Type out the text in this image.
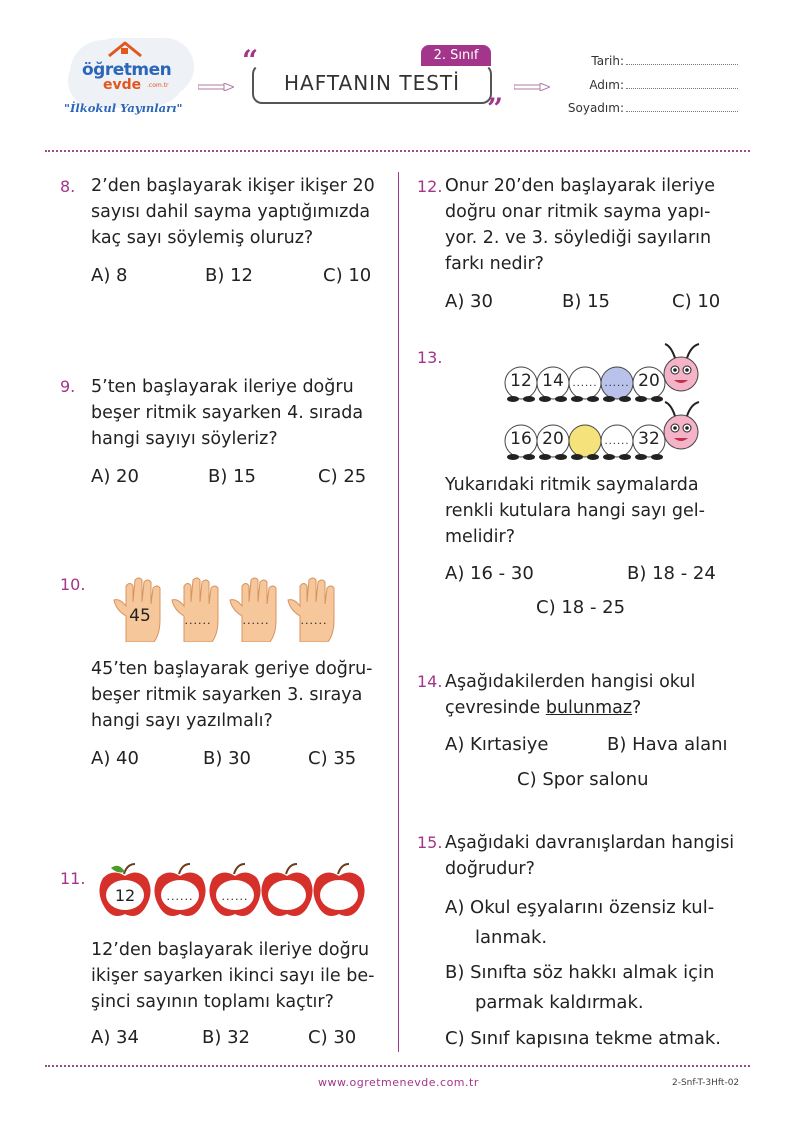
öğretmen
evde .com.tr
"İlkokul Yayınları"
2. Sınıf
HAFTANIN TESTİ
“
”
Tarih:
Adım:
Soyadım:
8. 2’den başlayarak ikişer ikişer 20
sayısı dahil sayma yaptığımızda
kaç sayı söylemiş oluruz?
A) 8	B) 12	C) 10
9. 5’ten başlayarak ileriye doğru
beşer ritmik sayarken 4. sırada
hangi sayıyı söyleriz?
A) 20	B) 15	C) 25
10.
45	......	......	......
45’ten başlayarak geriye doğru-
beşer ritmik sayarken 3. sıraya
hangi sayı yazılmalı?
A) 40	B) 30	C) 35
11.
12	......	......
12’den başlayarak ileriye doğru
ikişer sayarken ikinci sayı ile be-
şinci sayının toplamı kaçtır?
A) 34	B) 32	C) 30
12. Onur 20’den başlayarak ileriye
doğru onar ritmik sayma yapı-
yor. 2. ve 3. söylediği sayıların
farkı nedir?
A) 30	B) 15	C) 10
13.
12 14 ...... ...... 20
16 20	...... 32
Yukarıdaki ritmik saymalarda
renkli kutulara hangi sayı gel-
melidir?
A) 16 - 30	B) 18 - 24
C) 18 - 25
14. Aşağıdakilerden hangisi okul
çevresinde bulunmaz?
A) Kırtasiye	B) Hava alanı
C) Spor salonu
15. Aşağıdaki davranışlardan hangisi
doğrudur?
A) Okul eşyalarını özensiz kul-
lanmak.
B) Sınıfta söz hakkı almak için
parmak kaldırmak.
C) Sınıf kapısına tekme atmak.
www.ogretmenevde.com.tr	2-Snf-T-3Hft-02
